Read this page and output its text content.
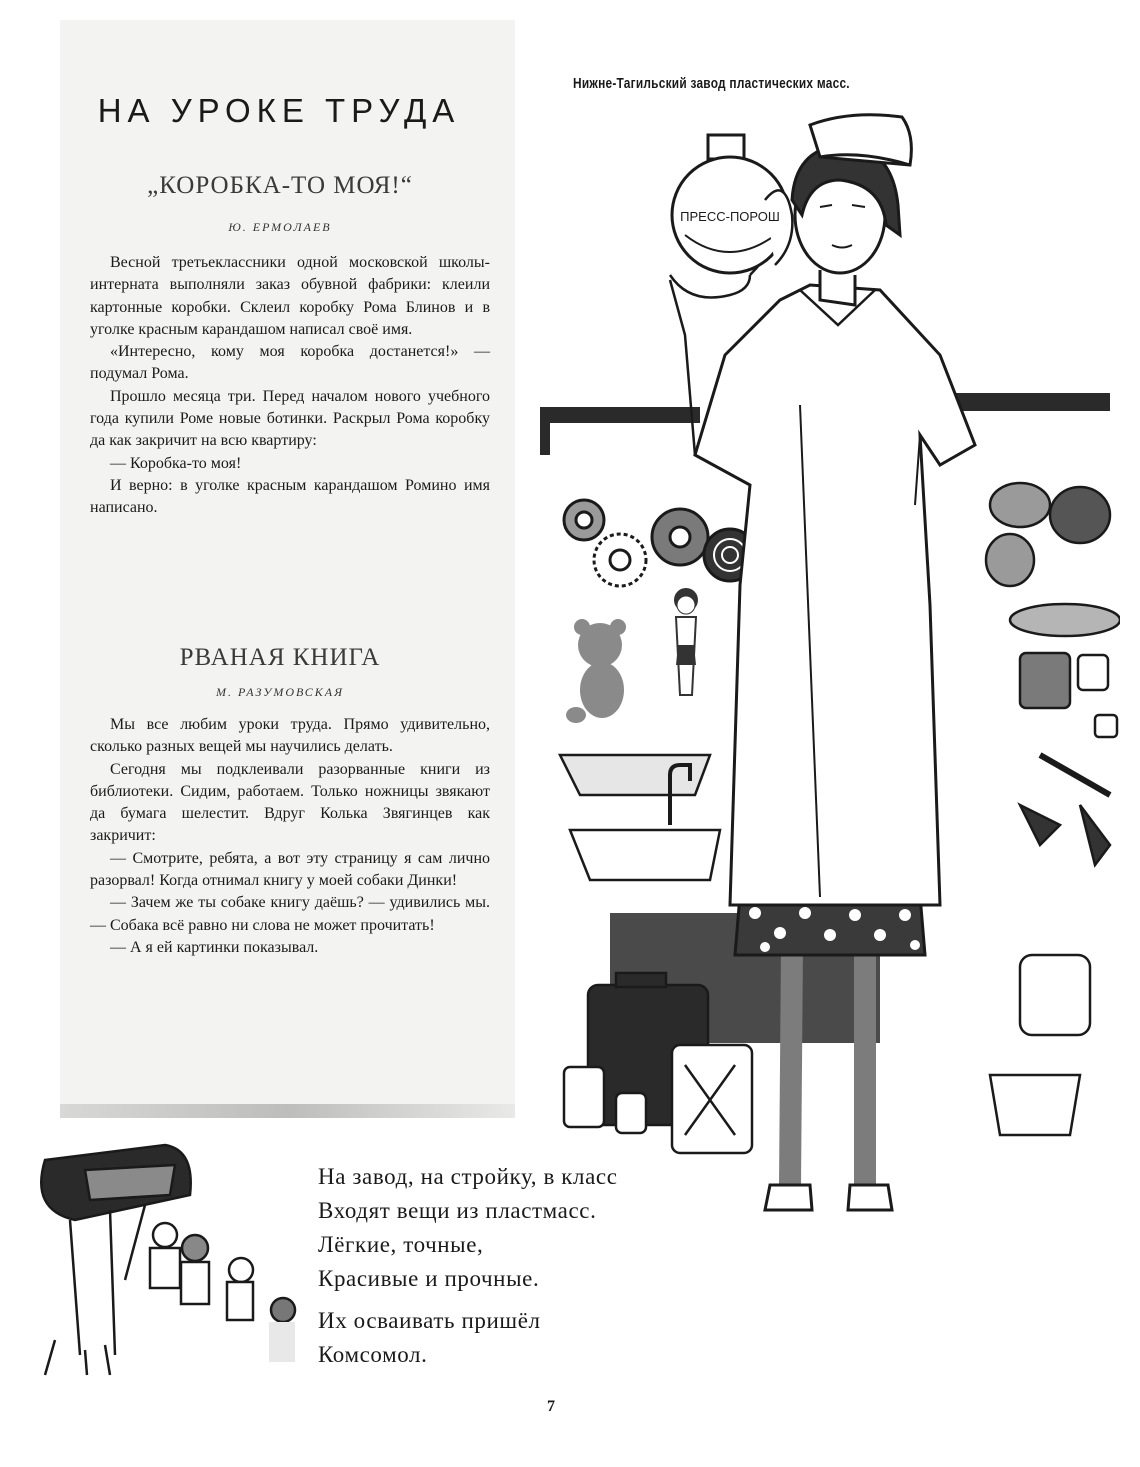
НА УРОКЕ ТРУДА
„КОРОБКА-ТО МОЯ!“
Ю. ЕРМОЛАЕВ

Весной третьеклассники одной московской школы-интерната выполняли заказ обувной фабрики: клеили картонные коробки. Склеил коробку Рома Блинов и в уголке красным карандашом написал своё имя.

«Интересно, кому моя коробка достанется!» — подумал Рома.

Прошло месяца три. Перед началом нового учебного года купили Роме новые ботинки. Раскрыл Рома коробку да как закричит на всю квартиру:

— Коробка-то моя!

И верно: в уголке красным карандашом Ромино имя написано.

РВАНАЯ КНИГА
М. РАЗУМОВСКАЯ

Мы все любим уроки труда. Прямо удивительно, сколько разных вещей мы научились делать.

Сегодня мы подклеивали разорванные книги из библиотеки. Сидим, работаем. Только ножницы звякают да бумага шелестит. Вдруг Колька Звягинцев как закричит:

— Смотрите, ребята, а вот эту страницу я сам лично разорвал! Когда отнимал книгу у моей собаки Динки!

— Зачем же ты собаке книгу даёшь? — удивились мы. — Собака всё равно ни слова не может прочитать!

— А я ей картинки показывал.

Нижне-Тагильский завод пластических масс.
ПРЕСС-ПОРОШ
На завод, на стройку, в класс
Входят вещи из пластмасс.
Лёгкие, точные,
Красивые и прочные.
Их осваивать пришёл
Комсомол.
7
